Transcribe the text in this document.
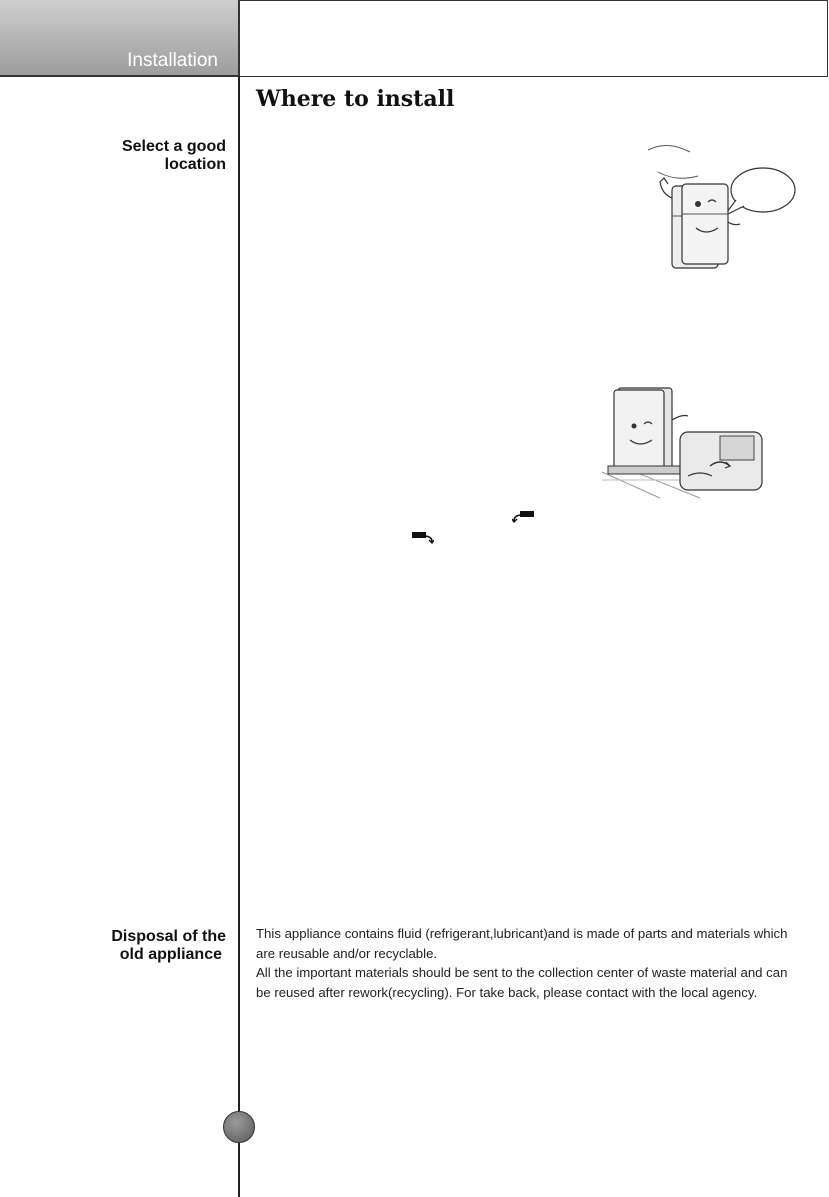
Installation
Where to install
Select a good
location
Disposal of the
old appliance

This appliance contains fluid (refrigerant,lubricant)and is made of parts and materials which are reusable and/or recyclable.

All the important materials should be sent to the collection center of waste material and can be reused after rework(recycling). For take back, please contact with the local agency.
